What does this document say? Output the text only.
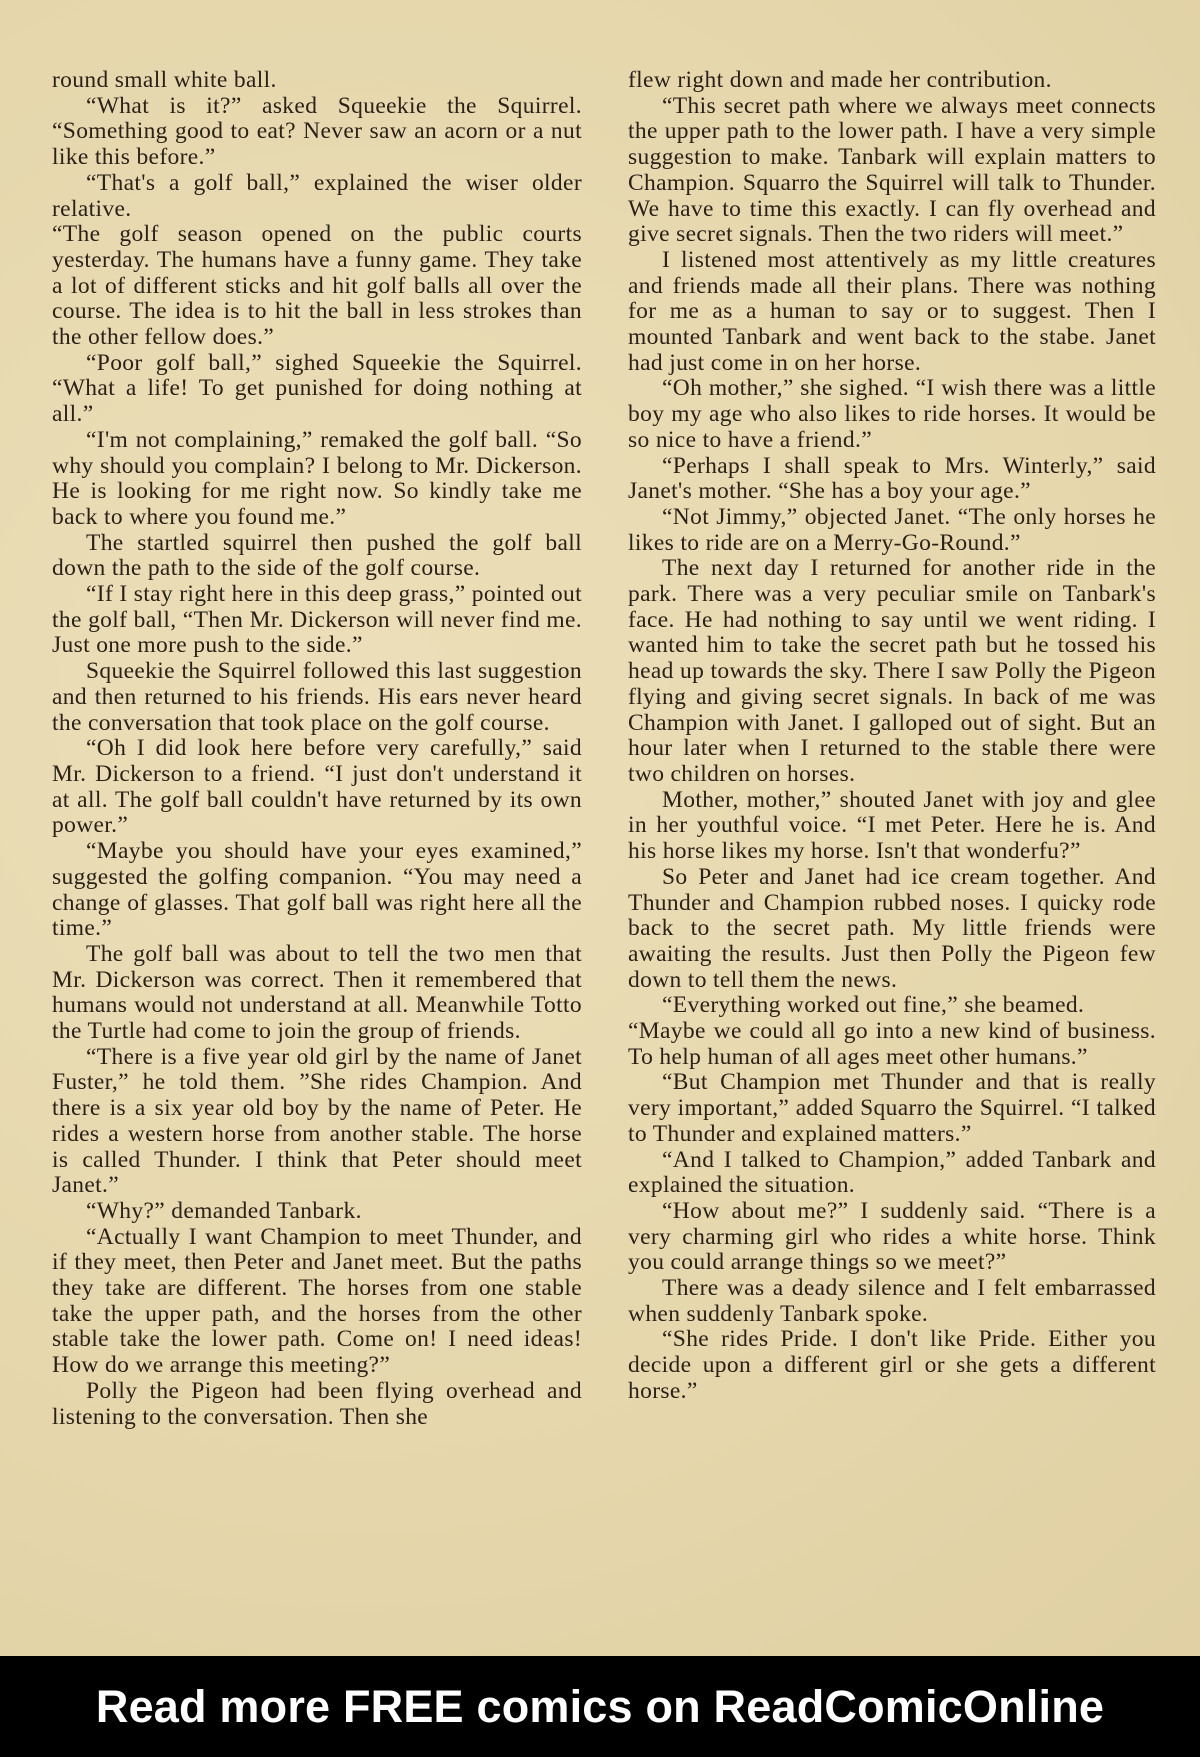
round small white ball.

“What is it?” asked Squeekie the Squirrel. “Something good to eat? Never saw an acorn or a nut like this before.”

“That's a golf ball,” explained the wiser older relative.

“The golf season opened on the public courts yesterday. The humans have a funny game. They take a lot of different sticks and hit golf balls all over the course. The idea is to hit the ball in less strokes than the other fellow does.”

“Poor golf ball,” sighed Squeekie the Squirrel. “What a life! To get punished for doing nothing at all.”

“I'm not complaining,” remaked the golf ball. “So why should you complain? I belong to Mr. Dickerson. He is looking for me right now. So kindly take me back to where you found me.”

The startled squirrel then pushed the golf ball down the path to the side of the golf course.

“If I stay right here in this deep grass,” pointed out the golf ball, “Then Mr. Dickerson will never find me. Just one more push to the side.”

Squeekie the Squirrel followed this last suggestion and then returned to his friends. His ears never heard the conversation that took place on the golf course.

“Oh I did look here before very carefully,” said Mr. Dickerson to a friend. “I just don't understand it at all. The golf ball couldn't have returned by its own power.”

“Maybe you should have your eyes examined,” suggested the golfing companion. “You may need a change of glasses. That golf ball was right here all the time.”

The golf ball was about to tell the two men that Mr. Dickerson was correct. Then it remembered that humans would not understand at all. Meanwhile Totto the Turtle had come to join the group of friends.

“There is a five year old girl by the name of Janet Fuster,” he told them. ”She rides Champion. And there is a six year old boy by the name of Peter. He rides a western horse from another stable. The horse is called Thunder. I think that Peter should meet Janet.”

“Why?” demanded Tanbark.

“Actually I want Champion to meet Thunder, and if they meet, then Peter and Janet meet. But the paths they take are different. The horses from one stable take the upper path, and the horses from the other stable take the lower path. Come on! I need ideas! How do we arrange this meeting?”

Polly the Pigeon had been flying overhead and listening to the conversation. Then she

flew right down and made her contribution.

“This secret path where we always meet connects the upper path to the lower path. I have a very simple suggestion to make. Tanbark will explain matters to Champion. Squarro the Squirrel will talk to Thunder. We have to time this exactly. I can fly overhead and give secret signals. Then the two riders will meet.”

I listened most attentively as my little creatures and friends made all their plans. There was nothing for me as a human to say or to suggest. Then I mounted Tanbark and went back to the stabe. Janet had just come in on her horse.

“Oh mother,” she sighed. “I wish there was a little boy my age who also likes to ride horses. It would be so nice to have a friend.”

“Perhaps I shall speak to Mrs. Winterly,” said Janet's mother. “She has a boy your age.”

“Not Jimmy,” objected Janet. “The only horses he likes to ride are on a Merry-Go-Round.”

The next day I returned for another ride in the park. There was a very peculiar smile on Tanbark's face. He had nothing to say until we went riding. I wanted him to take the secret path but he tossed his head up towards the sky. There I saw Polly the Pigeon flying and giving secret signals. In back of me was Champion with Janet. I galloped out of sight. But an hour later when I returned to the stable there were two children on horses.

Mother, mother,” shouted Janet with joy and glee in her youthful voice. “I met Peter. Here he is. And his horse likes my horse. Isn't that wonderfu?”

So Peter and Janet had ice cream together. And Thunder and Champion rubbed noses. I quicky rode back to the secret path. My little friends were awaiting the results. Just then Polly the Pigeon few down to tell them the news.

“Everything worked out fine,” she beamed.

“Maybe we could all go into a new kind of business. To help human of all ages meet other humans.”

“But Champion met Thunder and that is really very important,” added Squarro the Squirrel. “I talked to Thunder and explained matters.”

“And I talked to Champion,” added Tanbark and explained the situation.

“How about me?” I suddenly said. “There is a very charming girl who rides a white horse. Think you could arrange things so we meet?”

There was a deady silence and I felt embarrassed when suddenly Tanbark spoke.

“She rides Pride. I don't like Pride. Either you decide upon a different girl or she gets a different horse.”

Read more FREE comics on ReadComicOnline
